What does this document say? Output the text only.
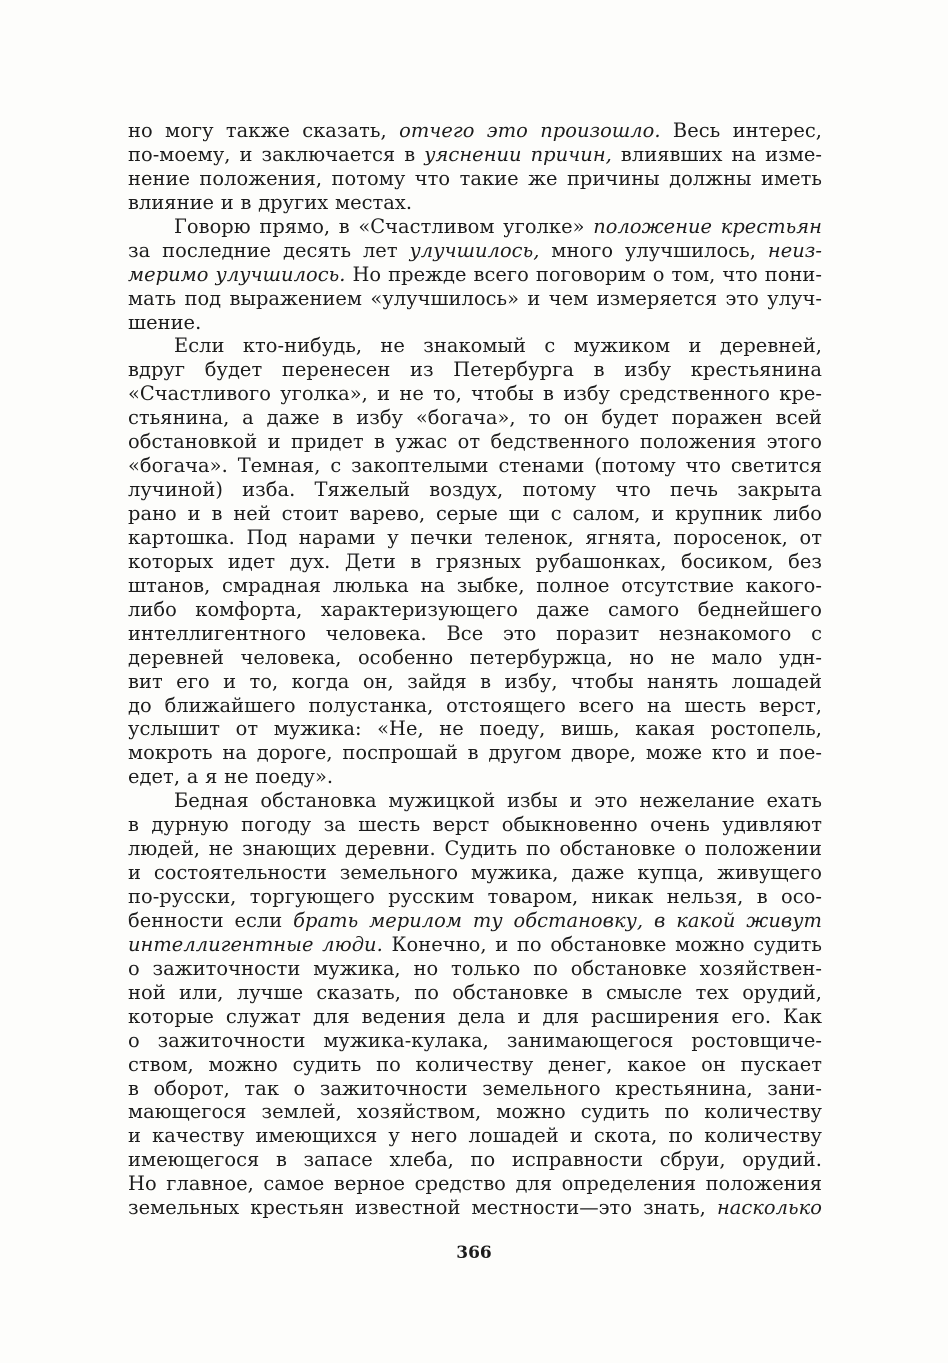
но могу также сказать, отчего это произошло. Весь интерес,
по-моему, и заключается в уяснении причин, влиявших на изме-
нение положения, потому что такие же причины должны иметь
влияние и в других местах.
Говорю прямо, в «Счастливом уголке» положение крестьян
за последние десять лет улучшилось, много улучшилось, неиз-
меримо улучшилось. Но прежде всего поговорим о том, что пони-
мать под выражением «улучшилось» и чем измеряется это улуч-
шение.
Если кто-нибудь, не знакомый с мужиком и деревней,
вдруг будет перенесен из Петербурга в избу крестьянина
«Счастливого уголка», и не то, чтобы в избу средственного кре-
стьянина, а даже в избу «богача», то он будет поражен всей
обстановкой и придет в ужас от бедственного положения этого
«богача». Темная, с закоптелыми стенами (потому что светится
лучиной) изба. Тяжелый воздух, потому что печь закрыта
рано и в ней стоит варево, серые щи с салом, и крупник либо
картошка. Под нарами у печки теленок, ягнята, поросенок, от
которых идет дух. Дети в грязных рубашонках, босиком, без
штанов, смрадная люлька на зыбке, полное отсутствие какого-
либо комфорта, характеризующего даже самого беднейшего
интеллигентного человека. Все это поразит незнакомого с
деревней человека, особенно петербуржца, но не мало удн-
вит его и то, когда он, зайдя в избу, чтобы нанять лошадей
до ближайшего полустанка, отстоящего всего на шесть верст,
услышит от мужика: «Не, не поеду, вишь, какая ростопель,
мокроть на дороге, поспрошай в другом дворе, може кто и пое-
едет, а я не поеду».
Бедная обстановка мужицкой избы и это нежелание ехать
в дурную погоду за шесть верст обыкновенно очень удивляют
людей, не знающих деревни. Судить по обстановке о положении
и состоятельности земельного мужика, даже купца, живущего
по-русски, торгующего русским товаром, никак нельзя, в осо-
бенности если брать мерилом ту обстановку, в какой живут
интеллигентные люди. Конечно, и по обстановке можно судить
о зажиточности мужика, но только по обстановке хозяйствен-
ной или, лучше сказать, по обстановке в смысле тех орудий,
которые служат для ведения дела и для расширения его. Как
о зажиточности мужика-кулака, занимающегося ростовщиче-
ством, можно судить по количеству денег, какое он пускает
в оборот, так о зажиточности земельного крестьянина, зани-
мающегося землей, хозяйством, можно судить по количеству
и качеству имеющихся у него лошадей и скота, по количеству
имеющегося в запасе хлеба, по исправности сбруи, орудий.
Но главное, самое верное средство для определения положения
земельных крестьян известной местности—это знать, насколько
366
